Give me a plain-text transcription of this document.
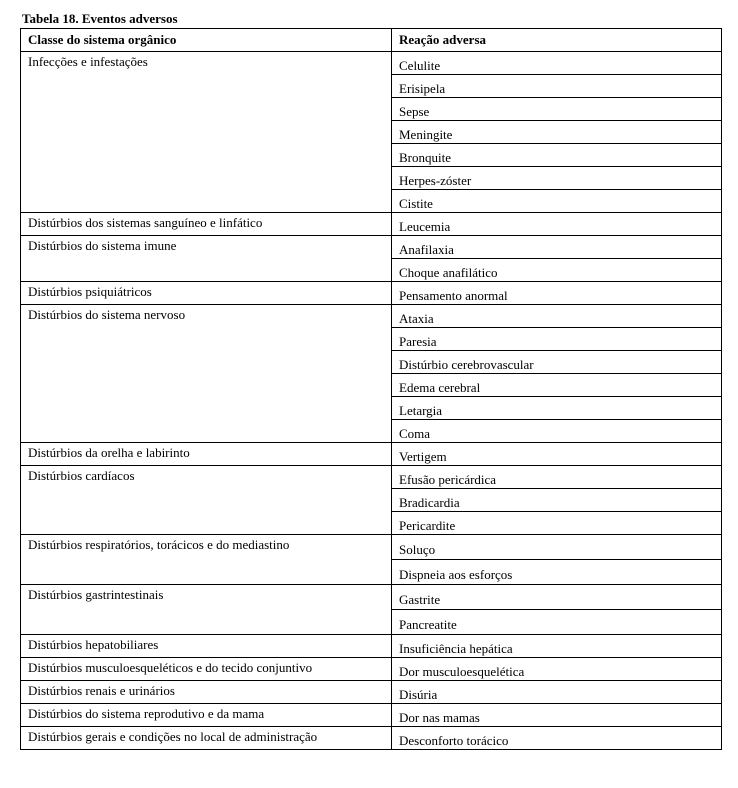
Tabela 18. Eventos adversos
Classe do sistema orgânico	Reação adversa
Infecções e infestações	Celulite
	Erisipela
	Sepse
	Meningite
	Bronquite
	Herpes-zóster
	Cistite
Distúrbios dos sistemas sanguíneo e linfático	Leucemia
Distúrbios do sistema imune	Anafilaxia
	Choque anafilático
Distúrbios psiquiátricos	Pensamento anormal
Distúrbios do sistema nervoso	Ataxia
	Paresia
	Distúrbio cerebrovascular
	Edema cerebral
	Letargia
	Coma
Distúrbios da orelha e labirinto	Vertigem
Distúrbios cardíacos	Efusão pericárdica
	Bradicardia
	Pericardite
Distúrbios respiratórios, torácicos e do mediastino	Soluço
	Dispneia aos esforços
Distúrbios gastrintestinais	Gastrite
	Pancreatite
Distúrbios hepatobiliares	Insuficiência hepática
Distúrbios musculoesqueléticos e do tecido conjuntivo	Dor musculoesquelética
Distúrbios renais e urinários	Disúria
Distúrbios do sistema reprodutivo e da mama	Dor nas mamas
Distúrbios gerais e condições no local de administração	Desconforto torácico
